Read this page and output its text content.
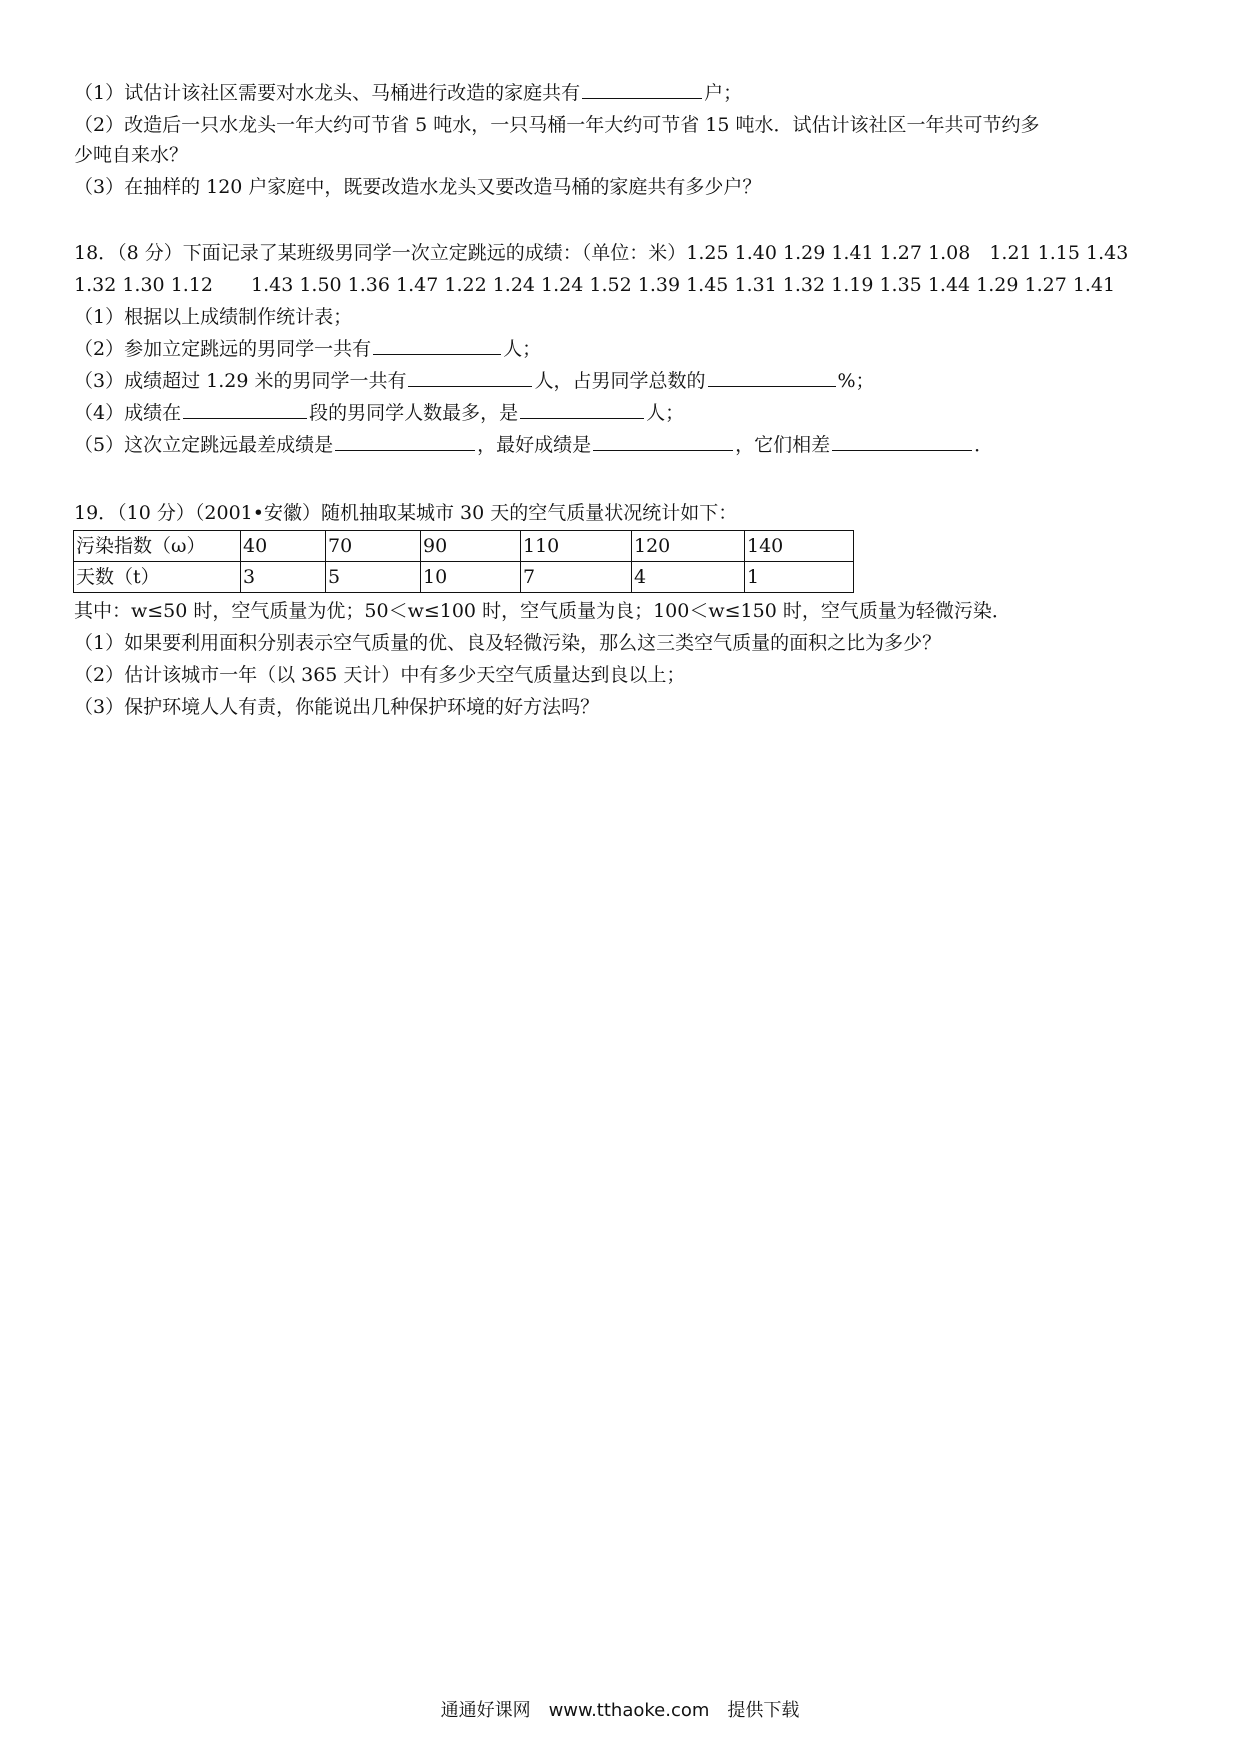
（1）试估计该社区需要对水龙头、马桶进行改造的家庭共有	户；
（2）改造后一只水龙头一年大约可节省 5 吨水，一只马桶一年大约可节省 15 吨水．试估计该社区一年共可节约多
少吨自来水？
（3）在抽样的 120 户家庭中，既要改造水龙头又要改造马桶的家庭共有多少户？
18．（8 分）下面记录了某班级男同学一次立定跳远的成绩：（单位：米）1.25 1.40 1.29 1.41 1.27 1.08　1.21 1.15 1.43
1.32 1.30 1.12　　1.43 1.50 1.36 1.47 1.22 1.24 1.24 1.52 1.39 1.45 1.31 1.32 1.19 1.35 1.44 1.29 1.27 1.41
（1）根据以上成绩制作统计表；
（2）参加立定跳远的男同学一共有	人；
（3）成绩超过 1.29 米的男同学一共有	人，占男同学总数的	%；
（4）成绩在	段的男同学人数最多，是	人；
（5）这次立定跳远最差成绩是	，最好成绩是	，它们相差	．
19．（10 分）（2001•安徽）随机抽取某城市 30 天的空气质量状况统计如下：
污染指数（ω）	40	70	90	110	120	140
天数（t）	3	5	10	7	4	1
其中：w≤50 时，空气质量为优；50＜w≤100 时，空气质量为良；100＜w≤150 时，空气质量为轻微污染．
（1）如果要利用面积分别表示空气质量的优、良及轻微污染，那么这三类空气质量的面积之比为多少？
（2）估计该城市一年（以 365 天计）中有多少天空气质量达到良以上；
（3）保护环境人人有责，你能说出几种保护环境的好方法吗？
通通好课网　www.tthaoke.com　提供下载
